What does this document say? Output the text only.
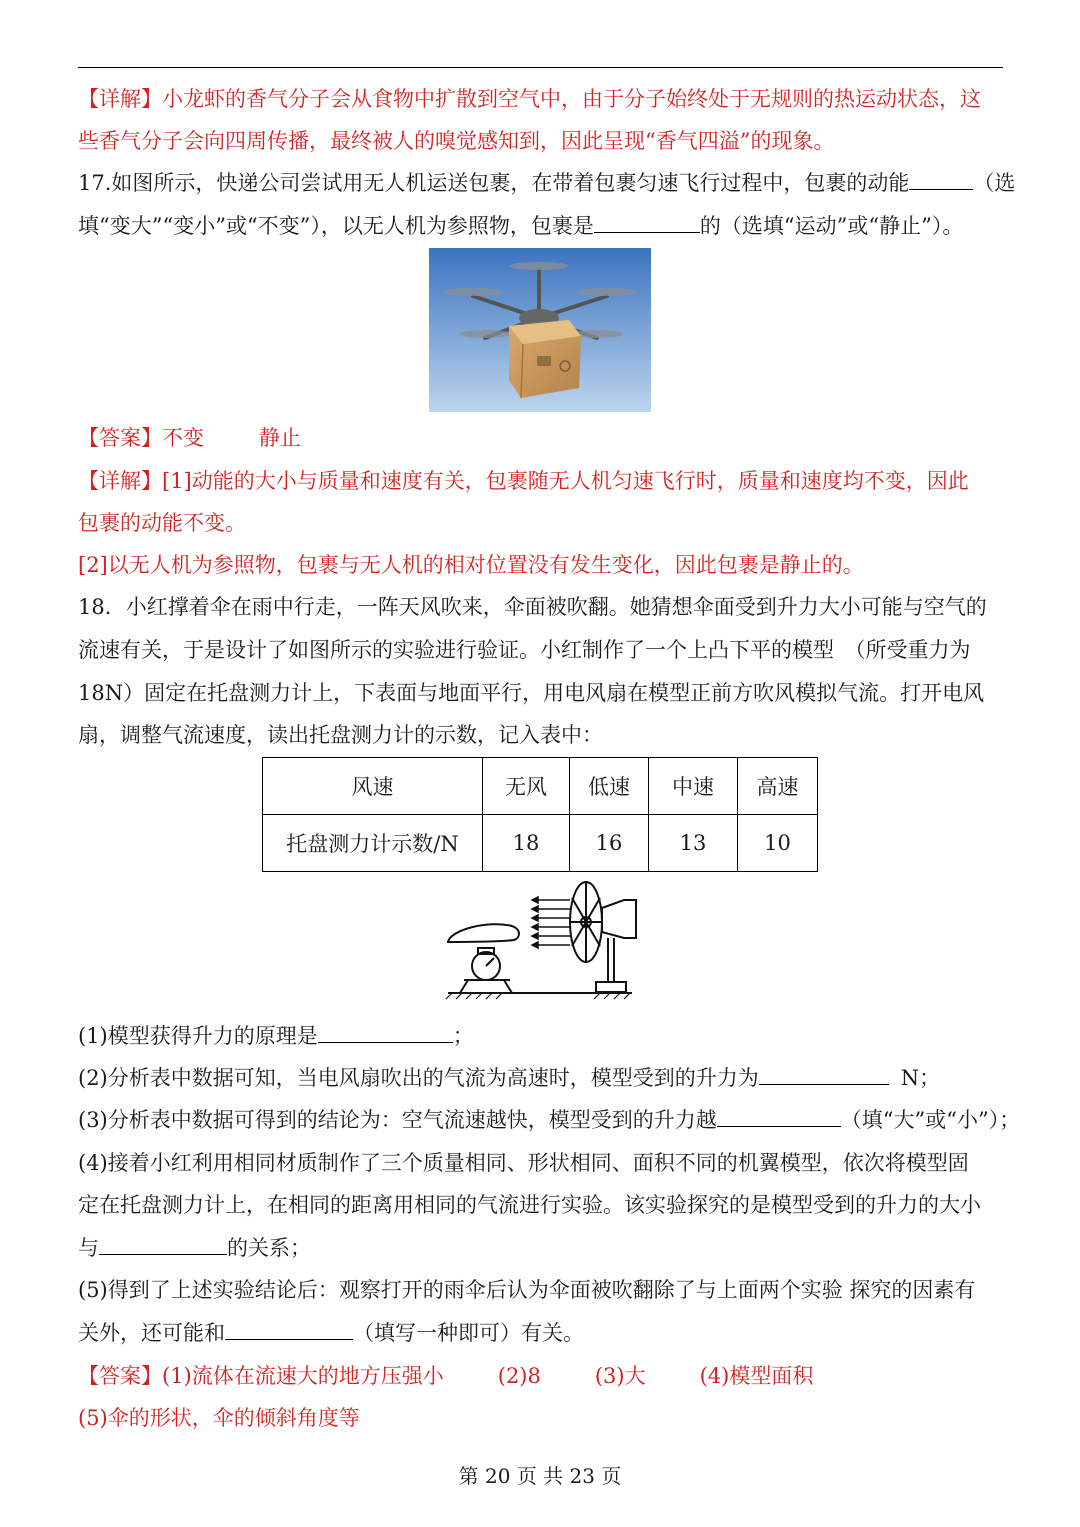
【详解】小龙虾的香气分子会从食物中扩散到空气中，由于分子始终处于无规则的热运动状态，这
些香气分子会向四周传播，最终被人的嗅觉感知到，因此呈现“香气四溢”的现象。
17.如图所示，快递公司尝试用无人机运送包裹，在带着包裹匀速飞行过程中，包裹的动能	（选
填“变大”“变小”或“不变”），以无人机为参照物，包裹是	的（选填“运动”或“静止”）。
【答案】不变	静止
【详解】[1]动能的大小与质量和速度有关，包裹随无人机匀速飞行时，质量和速度均不变，因此
包裹的动能不变。
[2]以无人机为参照物，包裹与无人机的相对位置没有发生变化，因此包裹是静止的。
18．小红撑着伞在雨中行走，一阵天风吹来，伞面被吹翻。她猜想伞面受到升力大小可能与空气的
流速有关，于是设计了如图所示的实验进行验证。小红制作了一个上凸下平的模型　（所受重力为
18N）固定在托盘测力计上，下表面与地面平行，用电风扇在模型正前方吹风模拟气流。打开电风
扇，调整气流速度，读出托盘测力计的示数，记入表中：
风速	无风	低速	中速	高速
托盘测力计示数/N	18	16	13	10
(1)模型获得升力的原理是	；
(2)分析表中数据可知，当电风扇吹出的气流为高速时，模型受到的升力为	N；
(3)分析表中数据可得到的结论为：空气流速越快，模型受到的升力越	（填“大”或“小”）；
(4)接着小红利用相同材质制作了三个质量相同、形状相同、面积不同的机翼模型，依次将模型固
定在托盘测力计上，在相同的距离用相同的气流进行实验。该实验探究的是模型受到的升力的大小
与	的关系；
(5)得到了上述实验结论后：观察打开的雨伞后认为伞面被吹翻除了与上面两个实验 探究的因素有
关外，还可能和	（填写一种即可）有关。
【答案】(1)流体在流速大的地方压强小	(2)8	(3)大	(4)模型面积
(5)伞的形状，伞的倾斜角度等
第 20 页 共 23 页
